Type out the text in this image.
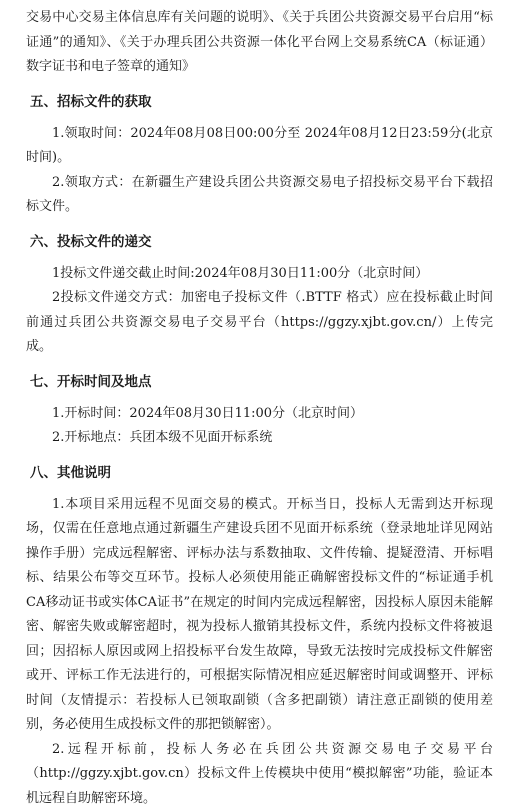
交易中心交易主体信息库有关问题的说明》、《关于兵团公共资源交易平台启用“标证通”的通知》、《关于办理兵团公共资源一体化平台网上交易系统CA（标证通）数字证书和电子签章的通知》

五、招标文件的获取

1.领取时间：2024年08月08日00:00分至 2024年08月12日23:59分(北京时间)。

2.领取方式：在新疆生产建设兵团公共资源交易电子招投标交易平台下载招标文件。

六、投标文件的递交

1投标文件递交截止时间:2024年08月30日11:00分（北京时间）

2投标文件递交方式：加密电子投标文件（.BTTF 格式）应在投标截止时间前通过兵团公共资源交易电子交易平台（https://ggzy.xjbt.gov.cn/）上传完成。

七、开标时间及地点

1.开标时间：2024年08月30日11:00分（北京时间）

2.开标地点：兵团本级不见面开标系统

八、其他说明

1.本项目采用远程不见面交易的模式。开标当日，投标人无需到达开标现场，仅需在任意地点通过新疆生产建设兵团不见面开标系统（登录地址详见网站操作手册）完成远程解密、评标办法与系数抽取、文件传输、提疑澄清、开标唱标、结果公布等交互环节。投标人必须使用能正确解密投标文件的“标证通手机CA移动证书或实体CA证书”在规定的时间内完成远程解密，因投标人原因未能解密、解密失败或解密超时，视为投标人撤销其投标文件，系统内投标文件将被退回；因招标人原因或网上招投标平台发生故障，导致无法按时完成投标文件解密或开、评标工作无法进行的，可根据实际情况相应延迟解密时间或调整开、评标时间（友情提示：若投标人已领取副锁（含多把副锁）请注意正副锁的使用差别，务必使用生成投标文件的那把锁解密）。

2.远程开标前，投标人务必在兵团公共资源交易电子交易平台（http://ggzy.xjbt.gov.cn）投标文件上传模块中使用“模拟解密”功能，验证本机远程自助解密环境。
